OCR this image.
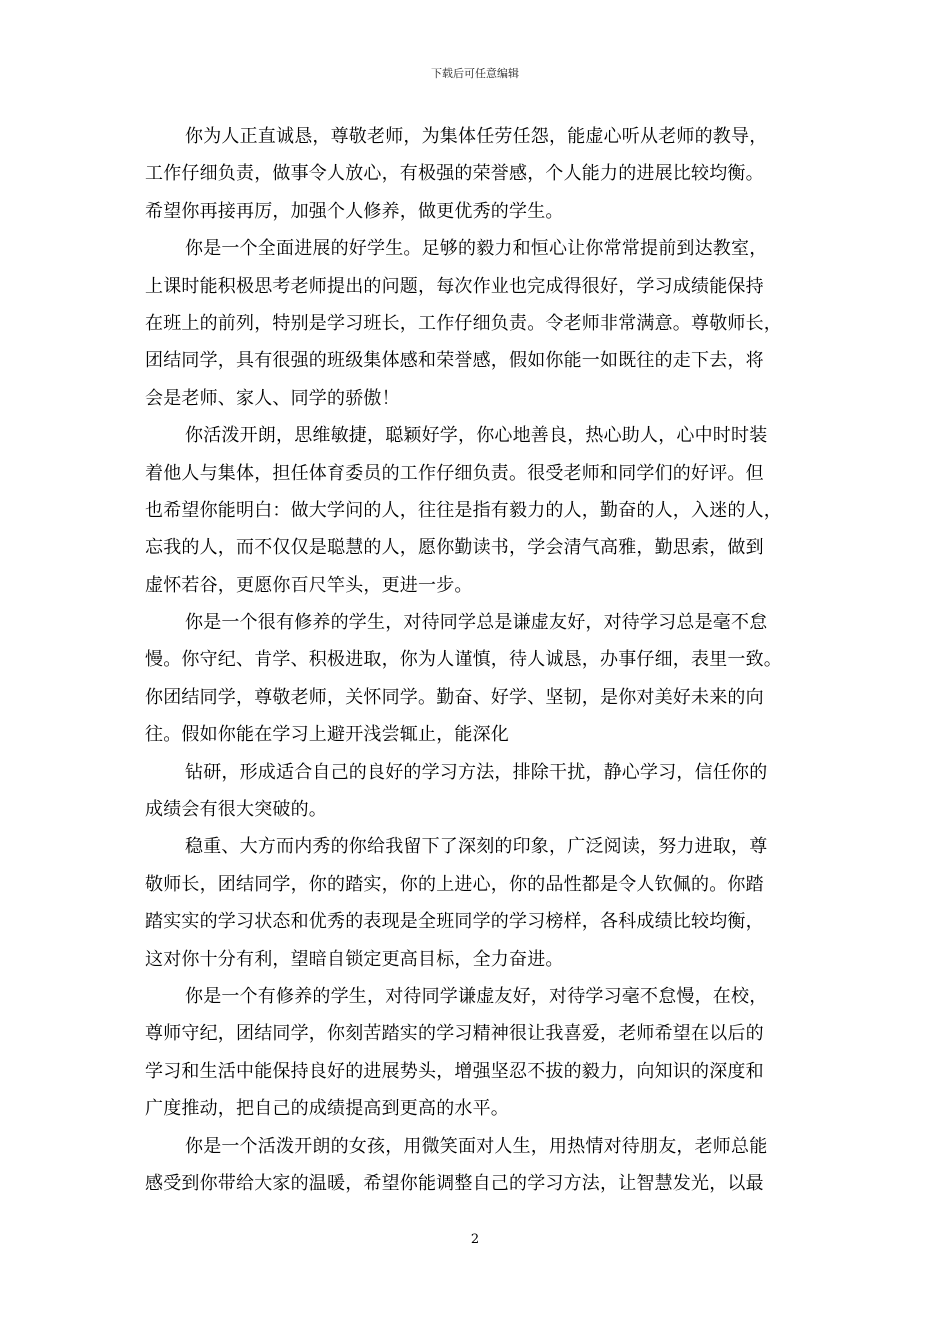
下载后可任意编辑
你为人正直诚恳，尊敬老师，为集体任劳任怨，能虚心听从老师的教导，
工作仔细负责，做事令人放心，有极强的荣誉感，个人能力的进展比较均衡。
希望你再接再厉，加强个人修养，做更优秀的学生。
你是一个全面进展的好学生。足够的毅力和恒心让你常常提前到达教室，
上课时能积极思考老师提出的问题，每次作业也完成得很好，学习成绩能保持
在班上的前列，特别是学习班长，工作仔细负责。令老师非常满意。尊敬师长，
团结同学，具有很强的班级集体感和荣誉感，假如你能一如既往的走下去，将
会是老师、家人、同学的骄傲！
你活泼开朗，思维敏捷，聪颖好学，你心地善良，热心助人，心中时时装
着他人与集体，担任体育委员的工作仔细负责。很受老师和同学们的好评。但
也希望你能明白：做大学问的人，往往是指有毅力的人，勤奋的人，入迷的人，
忘我的人，而不仅仅是聪慧的人，愿你勤读书，学会清气高雅，勤思索，做到
虚怀若谷，更愿你百尺竿头，更进一步。
你是一个很有修养的学生，对待同学总是谦虚友好，对待学习总是毫不怠
慢。你守纪、肯学、积极进取，你为人谨慎，待人诚恳，办事仔细，表里一致。
你团结同学，尊敬老师，关怀同学。勤奋、好学、坚韧，是你对美好未来的向
往。假如你能在学习上避开浅尝辄止，能深化
钻研，形成适合自己的良好的学习方法，排除干扰，静心学习，信任你的
成绩会有很大突破的。
稳重、大方而内秀的你给我留下了深刻的印象，广泛阅读，努力进取，尊
敬师长，团结同学，你的踏实，你的上进心，你的品性都是令人钦佩的。你踏
踏实实的学习状态和优秀的表现是全班同学的学习榜样，各科成绩比较均衡，
这对你十分有利，望暗自锁定更高目标，全力奋进。
你是一个有修养的学生，对待同学谦虚友好，对待学习毫不怠慢，在校，
尊师守纪，团结同学，你刻苦踏实的学习精神很让我喜爱，老师希望在以后的
学习和生活中能保持良好的进展势头，增强坚忍不拔的毅力，向知识的深度和
广度推动，把自己的成绩提高到更高的水平。
你是一个活泼开朗的女孩，用微笑面对人生，用热情对待朋友，老师总能
感受到你带给大家的温暖，希望你能调整自己的学习方法，让智慧发光，以最
2
